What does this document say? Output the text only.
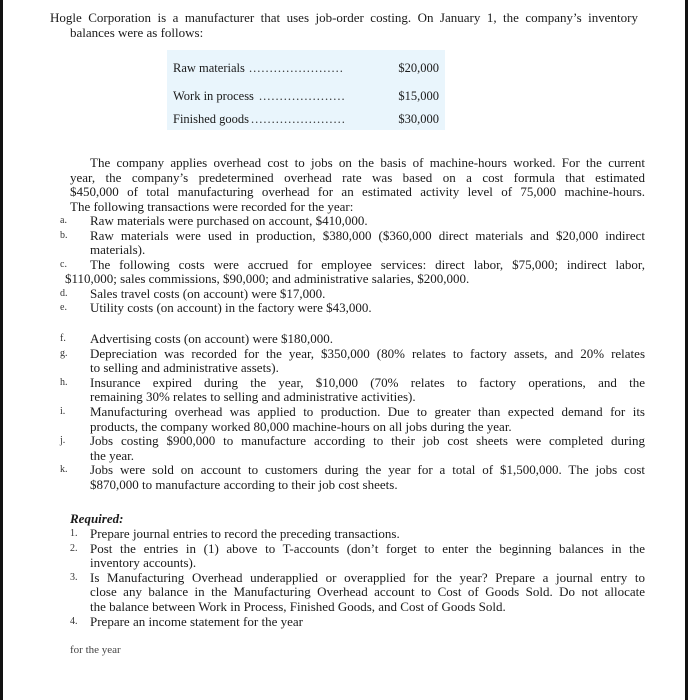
Hogle Corporation is a manufacturer that uses job-order costing. On January 1, the company’s inventory
balances were as follows:
Raw materials .......................	$20,000
Work in process .....................	$15,000
Finished goods .......................	$30,000
The company applies overhead cost to jobs on the basis of machine-hours worked. For the current
year, the company’s predetermined overhead rate was based on a cost formula that estimated
$450,000 of total manufacturing overhead for an estimated activity level of 75,000 machine-hours.
The following transactions were recorded for the year:
a. Raw materials were purchased on account, $410,000.
b. Raw materials were used in production, $380,000 ($360,000 direct materials and $20,000 indirect
materials).
c. The following costs were accrued for employee services: direct labor, $75,000; indirect labor,
$110,000; sales commissions, $90,000; and administrative salaries, $200,000.
d. Sales travel costs (on account) were $17,000.
e. Utility costs (on account) in the factory were $43,000.
f. Advertising costs (on account) were $180,000.
g. Depreciation was recorded for the year, $350,000 (80% relates to factory assets, and 20% relates
to selling and administrative assets).
h. Insurance expired during the year, $10,000 (70% relates to factory operations, and the
remaining 30% relates to selling and administrative activities).
i. Manufacturing overhead was applied to production. Due to greater than expected demand for its
products, the company worked 80,000 machine-hours on all jobs during the year.
j. Jobs costing $900,000 to manufacture according to their job cost sheets were completed during
the year.
k. Jobs were sold on account to customers during the year for a total of $1,500,000. The jobs cost
$870,000 to manufacture according to their job cost sheets.
Required:
1. Prepare journal entries to record the preceding transactions.
2. Post the entries in (1) above to T-accounts (don’t forget to enter the beginning balances in the
inventory accounts).
3. Is Manufacturing Overhead underapplied or overapplied for the year? Prepare a journal entry to
close any balance in the Manufacturing Overhead account to Cost of Goods Sold. Do not allocate
the balance between Work in Process, Finished Goods, and Cost of Goods Sold.
4. Prepare an income statement for the year
for the year
